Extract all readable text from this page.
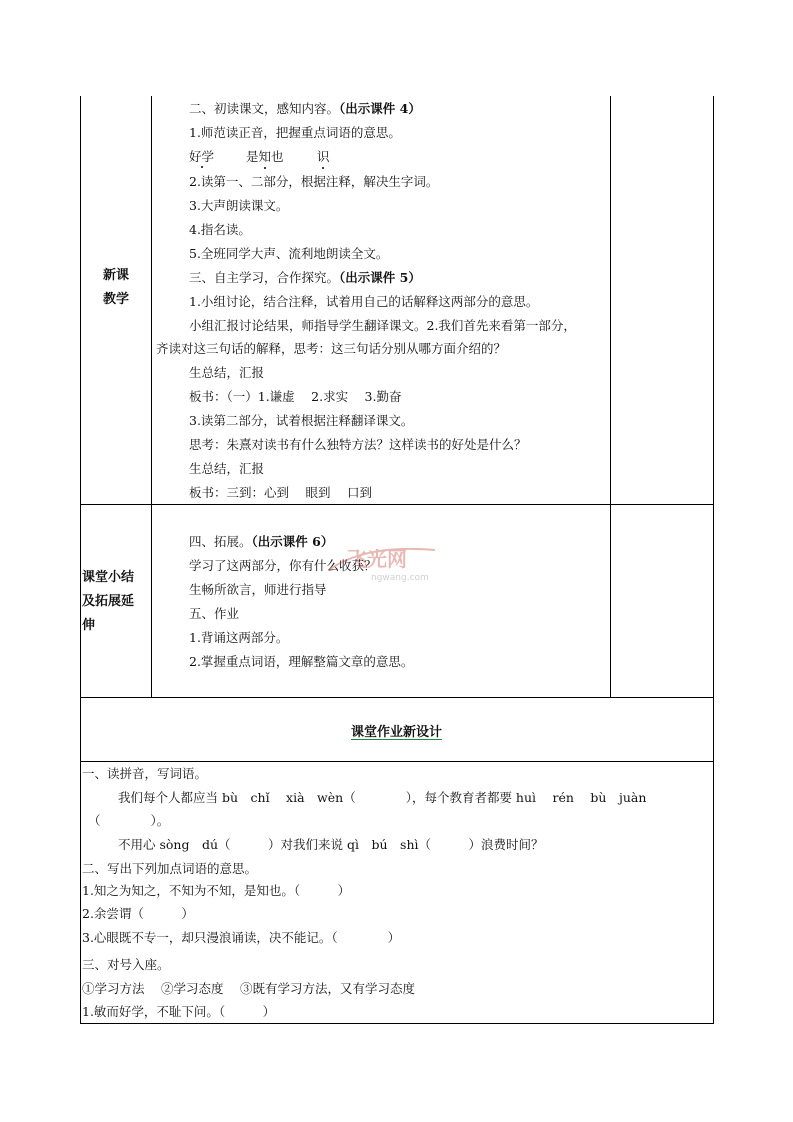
新课
教学
二、初读课文，感知内容。（出示课件 4）
1.师范读正音，把握重点词语的意思。
好学	是知也	识
2.读第一、二部分，根据注释，解决生字词。
3.大声朗读课文。
4.指名读。
5.全班同学大声、流利地朗读全文。
三、自主学习，合作探究。（出示课件 5）
1.小组讨论，结合注释，试着用自己的话解释这两部分的意思。
小组汇报讨论结果，师指导学生翻译课文。2.我们首先来看第一部分，
齐读对这三句话的解释，思考：这三句话分别从哪方面介绍的？
生总结，汇报
板书：（一）1.谦虚　 2.求实　 3.勤奋
3.读第二部分，试着根据注释翻译课文。
思考：朱熹对读书有什么独特方法？这样读书的好处是什么？
生总结，汇报
板书：三到：心到　 眼到　 口到
课堂小结
及拓展延
伸
四、拓展。（出示课件 6）
学习了这两部分，你有什么收获？
生畅所欲言，师进行指导
五、作业
1.背诵这两部分。
2.掌握重点词语，理解整篇文章的意思。
飞光网
ngwang.com
课堂作业新设计
一、读拼音，写词语。
我们每个人都应当 bù　chǐ　 xià　wèn（　　　　），每个教育者都要 huì　 rén　 bù　juàn
（　　　　）。
不用心 sòng　dú（　　　）对我们来说 qì　bú　shì（　　　）浪费时间？
二、写出下列加点词语的意思。
1.知之为知之，不知为不知，是知也。（　　　）
2.余尝谓（　　　）
3.心眼既不专一，却只漫浪诵读，决不能记。（　　　　）
三、对号入座。
①学习方法　 ②学习态度　 ③既有学习方法，又有学习态度
1.敏而好学，不耻下问。（　　　）
